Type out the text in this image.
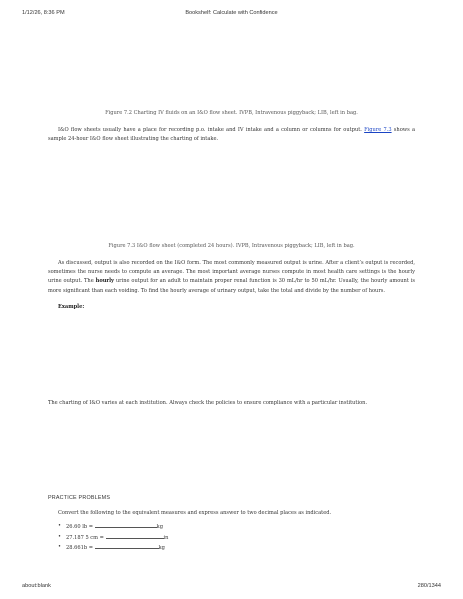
1/12/26, 8:36 PM	Bookshelf: Calculate with Confidence
Figure 7.2 Charting IV fluids on an I&O flow sheet. IVPB, Intravenous piggyback; LIB, left in bag.
I&O flow sheets usually have a place for recording p.o. intake and IV intake and a column or columns for output. Figure 7.3 shows a sample 24-hour I&O flow sheet illustrating the charting of intake.
Figure 7.3 I&O flow sheet (completed 24 hours). IVPB, Intravenous piggyback; LIB, left in bag.
As discussed, output is also recorded on the I&O form. The most commonly measured output is urine. After a client’s output is recorded, sometimes the nurse needs to compute an average. The most important average nurses compute in most health care settings is the hourly urine output. The hourly urine output for an adult to maintain proper renal function is 30 mL/hr to 50 mL/hr. Usually, the hourly amount is more significant than each voiding. To find the hourly average of urinary output, take the total and divide by the number of hours.
Example:
The charting of I&O varies at each institution. Always check the policies to ensure compliance with a particular institution.
PRACTICE PROBLEMS
Convert the following to the equivalent measures and express answer to two decimal places as indicated.
• 26.60 lb =	kg
• 27.187 5 cm =	in
• 28.661b =	kg
about:blank	280/1344
